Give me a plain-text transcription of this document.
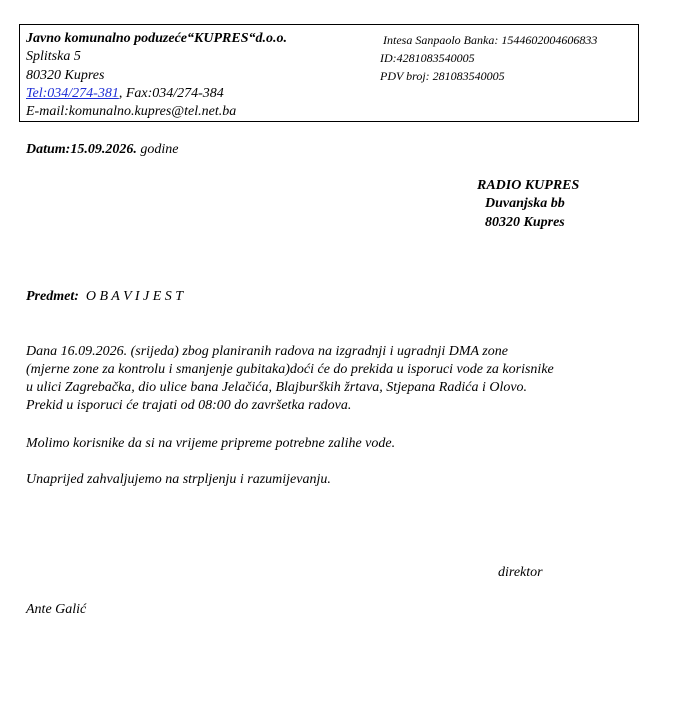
Javno komunalno poduzeće“KUPRES“d.o.o.
Splitska 5
80320 Kupres
Tel:034/274-381, Fax:034/274-384
E-mail:komunalno.kupres@tel.net.ba
Intesa Sanpaolo Banka: 1544602004606833
ID:4281083540005
PDV broj: 281083540005
Datum:15.09.2026. godine
RADIO KUPRES
Duvanjska bb
80320 Kupres
Predmet: O B A V I J E S T
Dana 16.09.2026. (srijeda) zbog planiranih radova na izgradnji i ugradnji DMA zone
(mjerne zone za kontrolu i smanjenje gubitaka)doći će do prekida u isporuci vode za korisnike
u ulici Zagrebačka, dio ulice bana Jelačića, Blajburških žrtava, Stjepana Radića i Olovo.
Prekid u isporuci će trajati od 08:00 do završetka radova.
Molimo korisnike da si na vrijeme pripreme potrebne zalihe vode.
Unaprijed zahvaljujemo na strpljenju i razumijevanju.
direktor
Ante Galić
